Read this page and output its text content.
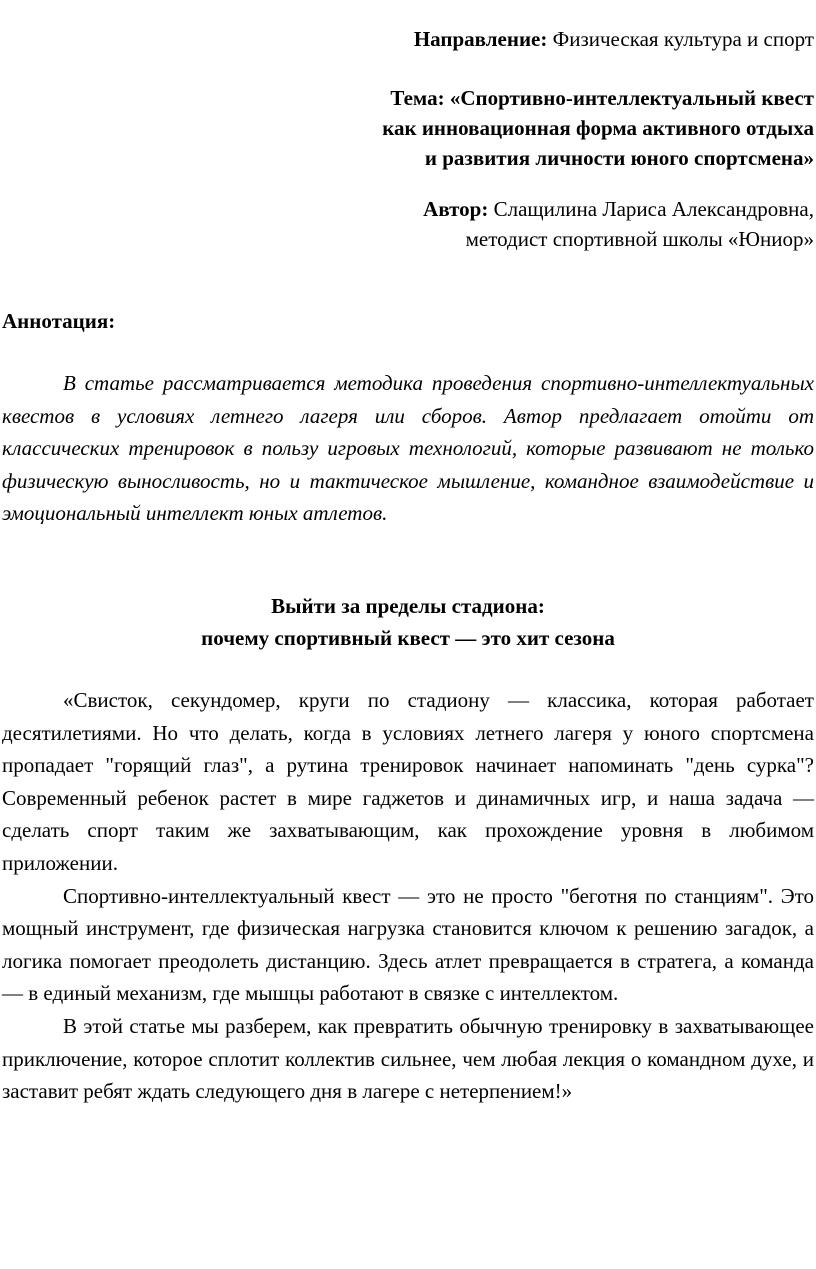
Направление: Физическая культура и спорт
Тема: «Спортивно-интеллектуальный квест
как инновационная форма активного отдыха
и развития личности юного спортсмена»
Автор: Слащилина Лариса Александровна,
методист спортивной школы «Юниор»
Аннотация:

В статье рассматривается методика проведения спортивно-интеллектуальных квестов в условиях летнего лагеря или сборов. Автор предлагает отойти от классических тренировок в пользу игровых технологий, которые развивают не только физическую выносливость, но и тактическое мышление, командное взаимодействие и эмоциональный интеллект юных атлетов.

Выйти за пределы стадиона:
почему спортивный квест — это хит сезона

«Свисток, секундомер, круги по стадиону — классика, которая работает десятилетиями. Но что делать, когда в условиях летнего лагеря у юного спортсмена пропадает "горящий глаз", а рутина тренировок начинает напоминать "день сурка"? Современный ребенок растет в мире гаджетов и динамичных игр, и наша задача — сделать спорт таким же захватывающим, как прохождение уровня в любимом приложении.

Спортивно-интеллектуальный квест — это не просто "беготня по станциям". Это мощный инструмент, где физическая нагрузка становится ключом к решению загадок, а логика помогает преодолеть дистанцию. Здесь атлет превращается в стратега, а команда — в единый механизм, где мышцы работают в связке с интеллектом.

В этой статье мы разберем, как превратить обычную тренировку в захватывающее приключение, которое сплотит коллектив сильнее, чем любая лекция о командном духе, и заставит ребят ждать следующего дня в лагере с нетерпением!»
